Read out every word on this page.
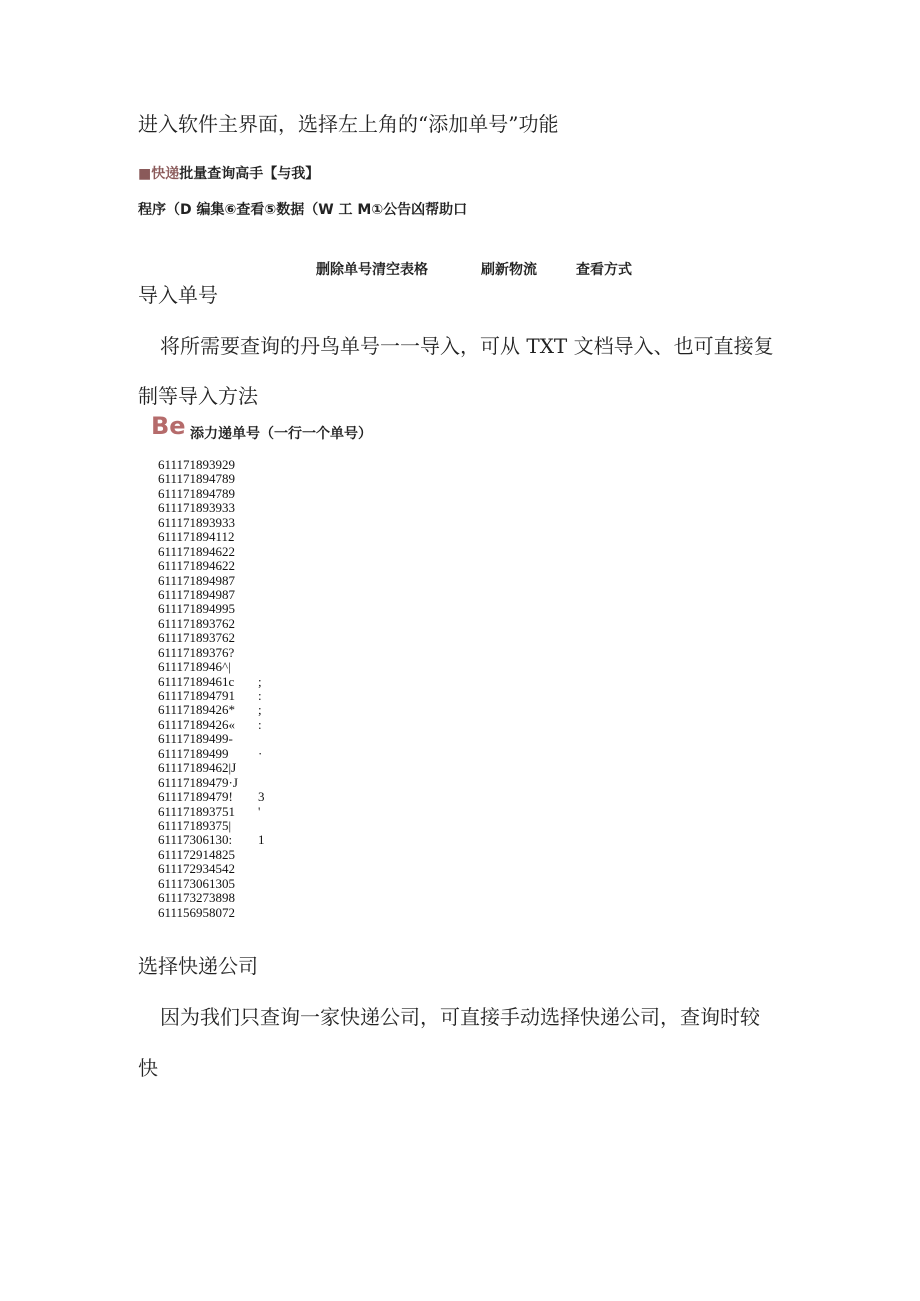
进入软件主界面，选择左上角的“添加单号”功能
■快递批量查询高手【与我】
程序（D 编集⑥查看⑤数据（W 工 M①公告凶帮助口
删除单号清空表格	刷新物流	查看方式
导入单号
将所需要查询的丹鸟单号一一导入，可从 TXT 文档导入、也可直接复
制等导入方法
Be 添力递单号（一行一个单号）
611171893929
611171894789
611171894789
611171893933
611171893933
611171894112
611171894622
611171894622
611171894987
611171894987
611171894995
611171893762
611171893762
61117189376?
6111718946^|
61117189461c ;
611171894791 :
61117189426* ;
61117189426« :
61117189499-
61117189499 ·
61117189462|J
61117189479·J
61117189479! 3
611171893751 '
61117189375|
61117306130: 1
611172914825
611172934542
611173061305
611173273898
611156958072
选择快递公司
因为我们只查询一家快递公司，可直接手动选择快递公司，查询时较
快
